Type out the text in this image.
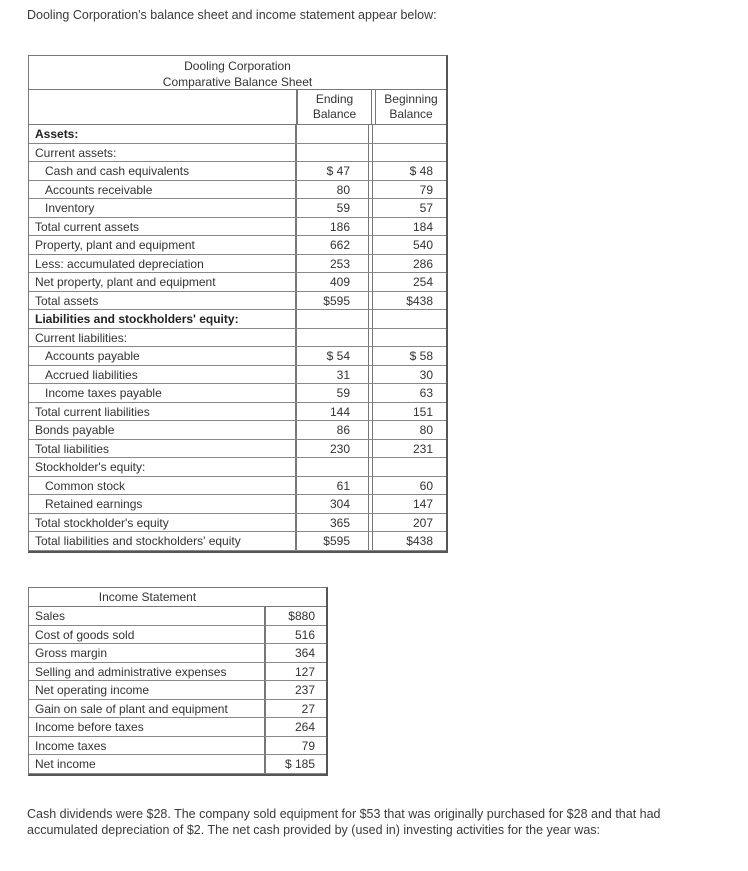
Dooling Corporation's balance sheet and income statement appear below:
Dooling Corporation
Comparative Balance Sheet
Ending
Balance
Beginning
Balance
Assets:
Current assets:
Cash and cash equivalents	$ 47	$ 48
Accounts receivable	80	79
Inventory	59	57
Total current assets	186	184
Property, plant and equipment	662	540
Less: accumulated depreciation	253	286
Net property, plant and equipment	409	254
Total assets	$595	$438
Liabilities and stockholders' equity:
Current liabilities:
Accounts payable	$ 54	$ 58
Accrued liabilities	31	30
Income taxes payable	59	63
Total current liabilities	144	151
Bonds payable	86	80
Total liabilities	230	231
Stockholder's equity:
Common stock	61	60
Retained earnings	304	147
Total stockholder's equity	365	207
Total liabilities and stockholders' equity	$595	$438
Income Statement
Sales	$880
Cost of goods sold	516
Gross margin	364
Selling and administrative expenses	127
Net operating income	237
Gain on sale of plant and equipment	27
Income before taxes	264
Income taxes	79
Net income	$ 185
Cash dividends were $28. The company sold equipment for $53 that was originally purchased for $28 and that had accumulated depreciation of $2. The net cash provided by (used in) investing activities for the year was:
